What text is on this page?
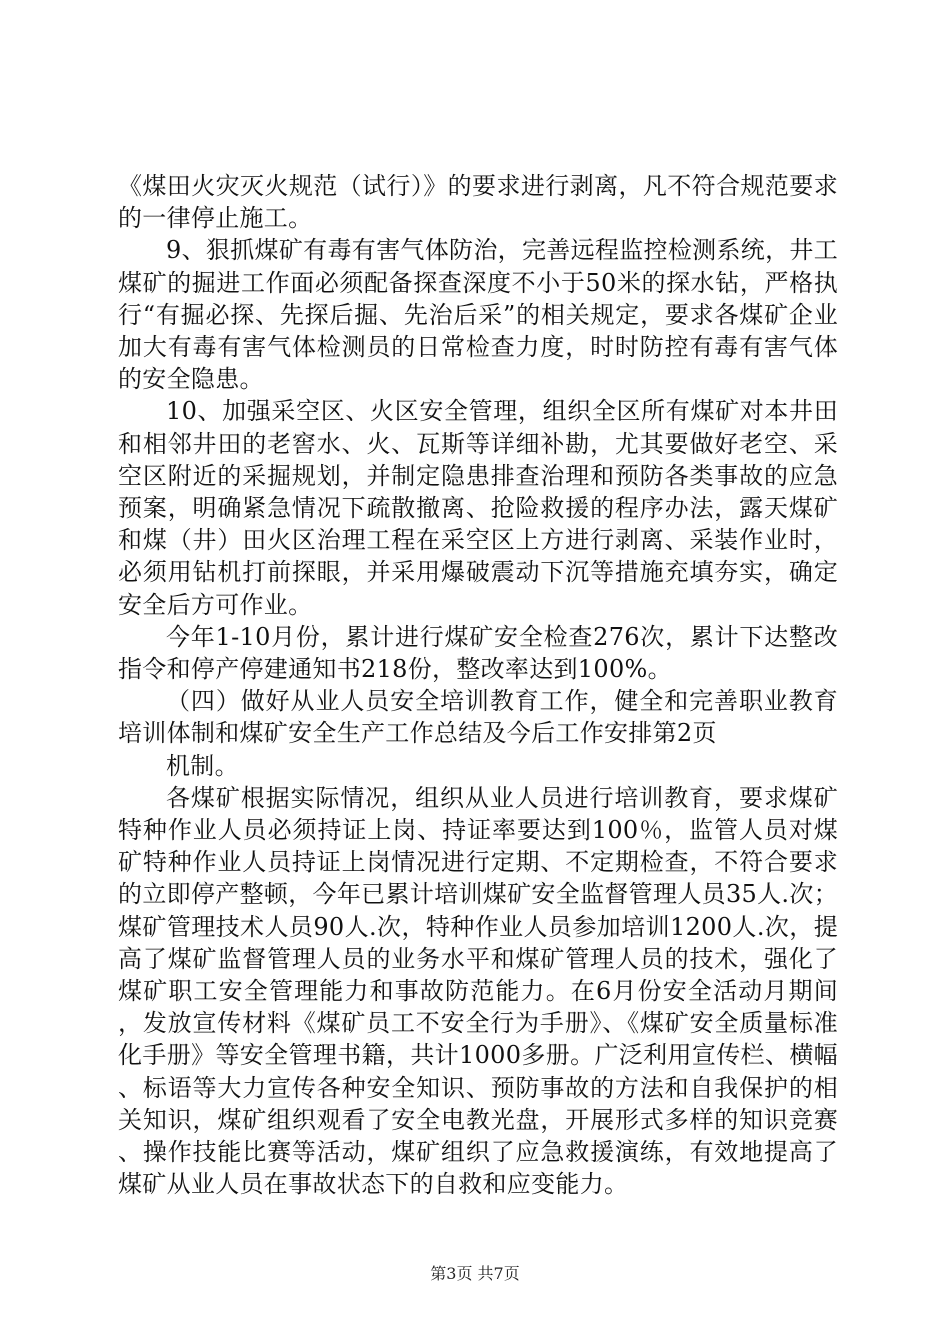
《煤田火灾灭火规范（试行）》的要求进行剥离，凡不符合规范要求的一律停止施工。

9、狠抓煤矿有毒有害气体防治，完善远程监控检测系统，井工煤矿的掘进工作面必须配备探查深度不小于50米的探水钻，严格执行“有掘必探、先探后掘、先治后采”的相关规定，要求各煤矿企业加大有毒有害气体检测员的日常检查力度，时时防控有毒有害气体的安全隐患。

10、加强采空区、火区安全管理，组织全区所有煤矿对本井田和相邻井田的老窖水、火、瓦斯等详细补勘，尤其要做好老空、采空区附近的采掘规划，并制定隐患排查治理和预防各类事故的应急预案，明确紧急情况下疏散撤离、抢险救援的程序办法，露天煤矿和煤（井）田火区治理工程在采空区上方进行剥离、采装作业时，必须用钻机打前探眼，并采用爆破震动下沉等措施充填夯实，确定安全后方可作业。

今年1-10月份，累计进行煤矿安全检查276次，累计下达整改指令和停产停建通知书218份，整改率达到100%。

（四）做好从业人员安全培训教育工作，健全和完善职业教育培训体制和煤矿安全生产工作总结及今后工作安排第2页

机制。

各煤矿根据实际情况，组织从业人员进行培训教育，要求煤矿特种作业人员必须持证上岗、持证率要达到100％，监管人员对煤矿特种作业人员持证上岗情况进行定期、不定期检查，不符合要求的立即停产整顿，今年已累计培训煤矿安全监督管理人员35人.次；煤矿管理技术人员90人.次，特种作业人员参加培训1200人.次，提高了煤矿监督管理人员的业务水平和煤矿管理人员的技术，强化了煤矿职工安全管理能力和事故防范能力。在6月份安全活动月期间，发放宣传材料《煤矿员工不安全行为手册》、《煤矿安全质量标准化手册》等安全管理书籍，共计1000多册。广泛利用宣传栏、横幅、标语等大力宣传各种安全知识、预防事故的方法和自我保护的相关知识，煤矿组织观看了安全电教光盘，开展形式多样的知识竞赛、操作技能比赛等活动，煤矿组织了应急救援演练，有效地提高了煤矿从业人员在事故状态下的自救和应变能力。

第3页 共7页
